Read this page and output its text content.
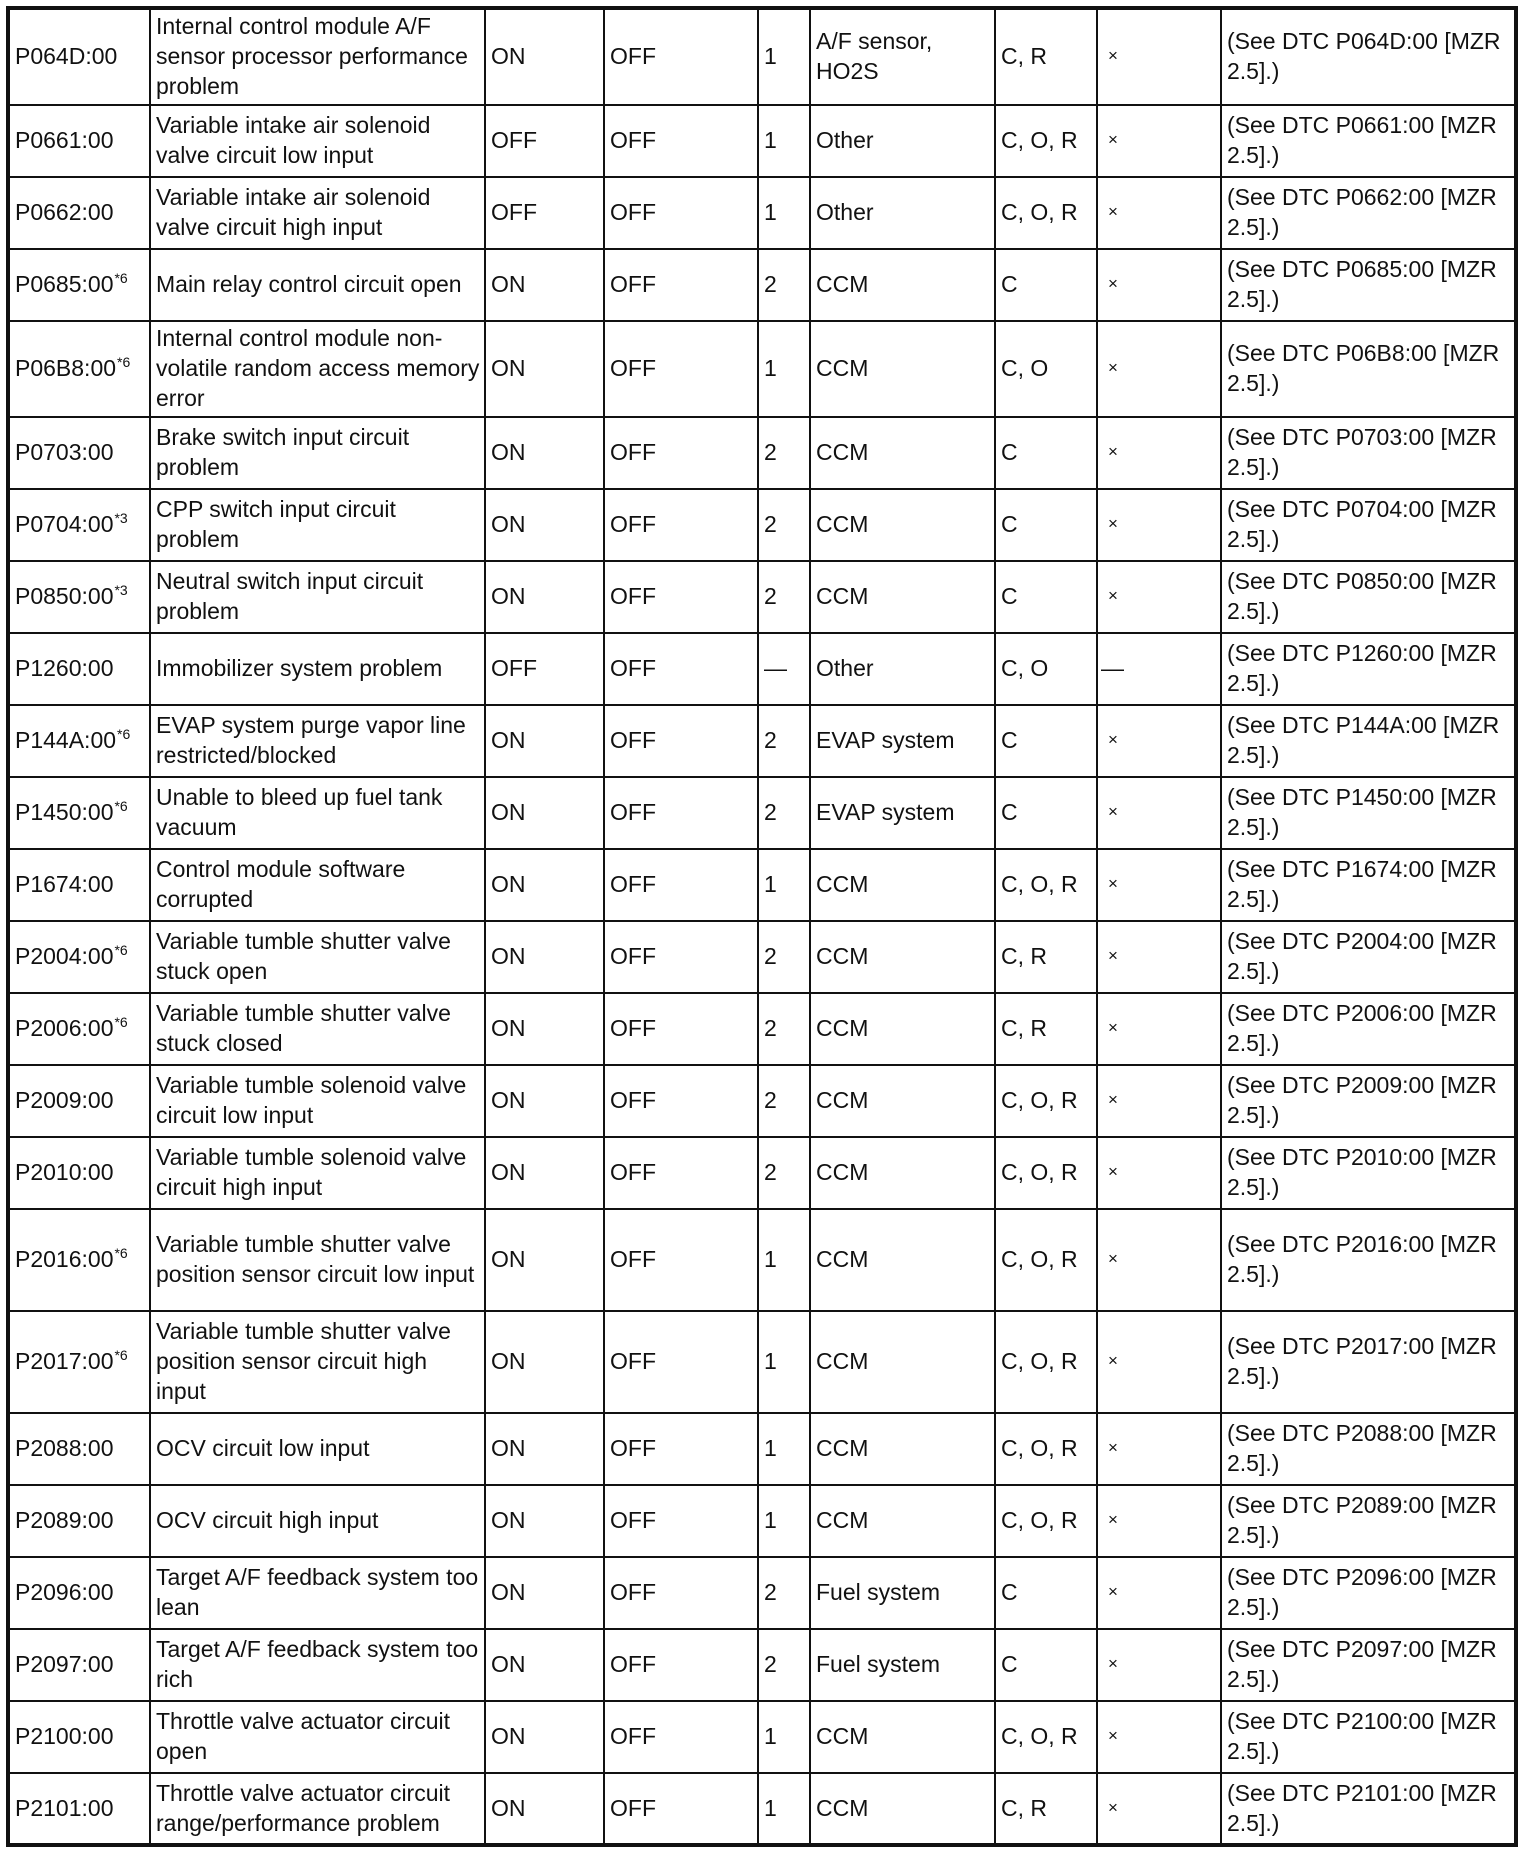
P064D:00	Internal control module A/F sensor processor performance problem	ON	OFF	1	A/F sensor, HO2S	C, R	×	(See DTC P064D:00 [MZR 2.5].)
P0661:00	Variable intake air solenoid valve circuit low input	OFF	OFF	1	Other	C, O, R	×	(See DTC P0661:00 [MZR 2.5].)
P0662:00	Variable intake air solenoid valve circuit high input	OFF	OFF	1	Other	C, O, R	×	(See DTC P0662:00 [MZR 2.5].)
P0685:00$^{*6}$	Main relay control circuit open	ON	OFF	2	CCM	C	×	(See DTC P0685:00 [MZR 2.5].)
P06B8:00$^{*6}$	Internal control module non-volatile random access memory error	ON	OFF	1	CCM	C, O	×	(See DTC P06B8:00 [MZR 2.5].)
P0703:00	Brake switch input circuit problem	ON	OFF	2	CCM	C	×	(See DTC P0703:00 [MZR 2.5].)
P0704:00$^{*3}$	CPP switch input circuit problem	ON	OFF	2	CCM	C	×	(See DTC P0704:00 [MZR 2.5].)
P0850:00$^{*3}$	Neutral switch input circuit problem	ON	OFF	2	CCM	C	×	(See DTC P0850:00 [MZR 2.5].)
P1260:00	Immobilizer system problem	OFF	OFF	—	Other	C, O	—	(See DTC P1260:00 [MZR 2.5].)
P144A:00$^{*6}$	EVAP system purge vapor line restricted/blocked	ON	OFF	2	EVAP system	C	×	(See DTC P144A:00 [MZR 2.5].)
P1450:00$^{*6}$	Unable to bleed up fuel tank vacuum	ON	OFF	2	EVAP system	C	×	(See DTC P1450:00 [MZR 2.5].)
P1674:00	Control module software corrupted	ON	OFF	1	CCM	C, O, R	×	(See DTC P1674:00 [MZR 2.5].)
P2004:00$^{*6}$	Variable tumble shutter valve stuck open	ON	OFF	2	CCM	C, R	×	(See DTC P2004:00 [MZR 2.5].)
P2006:00$^{*6}$	Variable tumble shutter valve stuck closed	ON	OFF	2	CCM	C, R	×	(See DTC P2006:00 [MZR 2.5].)
P2009:00	Variable tumble solenoid valve circuit low input	ON	OFF	2	CCM	C, O, R	×	(See DTC P2009:00 [MZR 2.5].)
P2010:00	Variable tumble solenoid valve circuit high input	ON	OFF	2	CCM	C, O, R	×	(See DTC P2010:00 [MZR 2.5].)
P2016:00$^{*6}$	Variable tumble shutter valve position sensor circuit low input	ON	OFF	1	CCM	C, O, R	×	(See DTC P2016:00 [MZR 2.5].)
P2017:00$^{*6}$	Variable tumble shutter valve position sensor circuit high input	ON	OFF	1	CCM	C, O, R	×	(See DTC P2017:00 [MZR 2.5].)
P2088:00	OCV circuit low input	ON	OFF	1	CCM	C, O, R	×	(See DTC P2088:00 [MZR 2.5].)
P2089:00	OCV circuit high input	ON	OFF	1	CCM	C, O, R	×	(See DTC P2089:00 [MZR 2.5].)
P2096:00	Target A/F feedback system too lean	ON	OFF	2	Fuel system	C	×	(See DTC P2096:00 [MZR 2.5].)
P2097:00	Target A/F feedback system too rich	ON	OFF	2	Fuel system	C	×	(See DTC P2097:00 [MZR 2.5].)
P2100:00	Throttle valve actuator circuit open	ON	OFF	1	CCM	C, O, R	×	(See DTC P2100:00 [MZR 2.5].)
P2101:00	Throttle valve actuator circuit range/performance problem	ON	OFF	1	CCM	C, R	×	(See DTC P2101:00 [MZR 2.5].)
